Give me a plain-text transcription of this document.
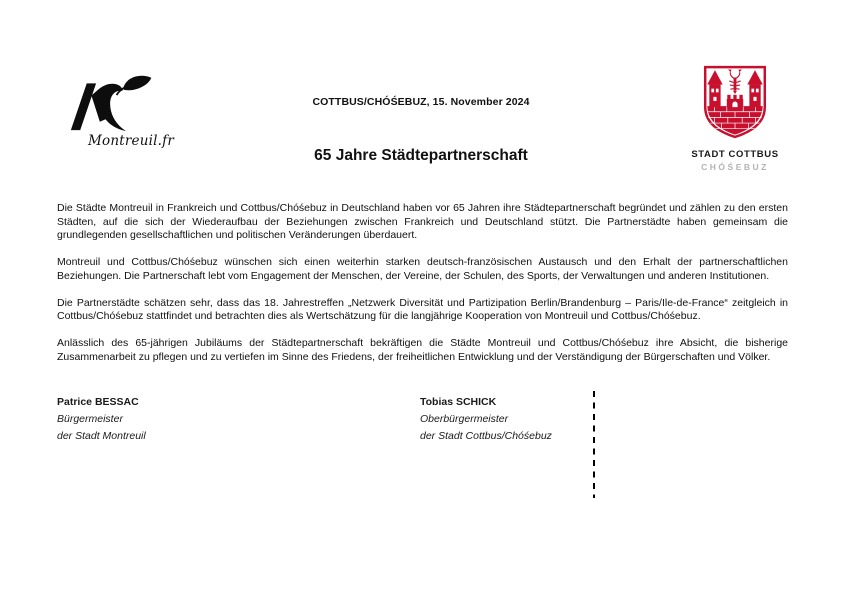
Montreuil.fr
COTTBUS/CHÓŚEBUZ, 15. November 2024
STADT COTTBUS
CHÓŚEBUZ
65 Jahre Städtepartnerschaft

Die Städte Montreuil in Frankreich und Cottbus/Chóśebuz in Deutschland haben vor 65 Jahren ihre Städtepartnerschaft begründet und zählen zu den ersten Städten, auf die sich der Wiederaufbau der Beziehungen zwischen Frankreich und Deutschland stützt. Die Partnerstädte haben gemeinsam die grundlegenden gesellschaftlichen und politischen Veränderungen überdauert.

Montreuil und Cottbus/Chóśebuz wünschen sich einen weiterhin starken deutsch-französischen Austausch und den Erhalt der partnerschaftlichen Beziehungen. Die Partnerschaft lebt vom Engagement der Menschen, der Vereine, der Schulen, des Sports, der Verwaltungen und anderen Institutionen.

Die Partnerstädte schätzen sehr, dass das 18. Jahrestreffen „Netzwerk Diversität und Partizipation Berlin/Brandenburg – Paris/Ile-de-France“ zeitgleich in Cottbus/Chóśebuz stattfindet und betrachten dies als Wertschätzung für die langjährige Kooperation von Montreuil und Cottbus/Chóśebuz.

Anlässlich des 65-jährigen Jubiläums der Städtepartnerschaft bekräftigen die Städte Montreuil und Cottbus/Chóśebuz ihre Absicht, die bisherige Zusammenarbeit zu pflegen und zu vertiefen im Sinne des Friedens, der freiheitlichen Entwicklung und der Verständigung der Bürgerschaften und Völker.

Patrice BESSAC
Bürgermeister
der Stadt Montreuil
Tobias SCHICK
Oberbürgermeister
der Stadt Cottbus/Chóśebuz
